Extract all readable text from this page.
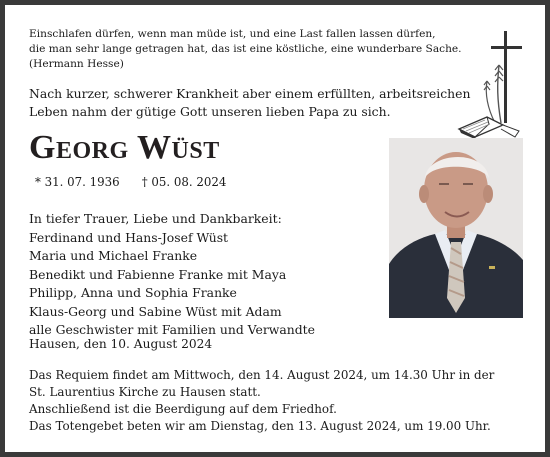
Einschlafen dürfen, wenn man müde ist, und eine Last fallen lassen dürfen,
die man sehr lange getragen hat, das ist eine köstliche, eine wunderbare Sache.
(Hermann Hesse)
Nach kurzer, schwerer Krankheit aber einem erfüllten, arbeitsreichen
Leben nahm der gütige Gott unseren lieben Papa zu sich.
Georg Wüst
* 31. 07. 1936 † 05. 08. 2024
In tiefer Trauer, Liebe und Dankbarkeit:
Ferdinand und Hans-Josef Wüst
Maria und Michael Franke
Benedikt und Fabienne Franke mit Maya
Philipp, Anna und Sophia Franke
Klaus-Georg und Sabine Wüst mit Adam
alle Geschwister mit Familien und Verwandte
Hausen, den 10. August 2024
Das Requiem findet am Mittwoch, den 14. August 2024, um 14.30 Uhr in der
St. Laurentius Kirche zu Hausen statt.
Anschließend ist die Beerdigung auf dem Friedhof.
Das Totengebet beten wir am Dienstag, den 13. August 2024, um 19.00 Uhr.
